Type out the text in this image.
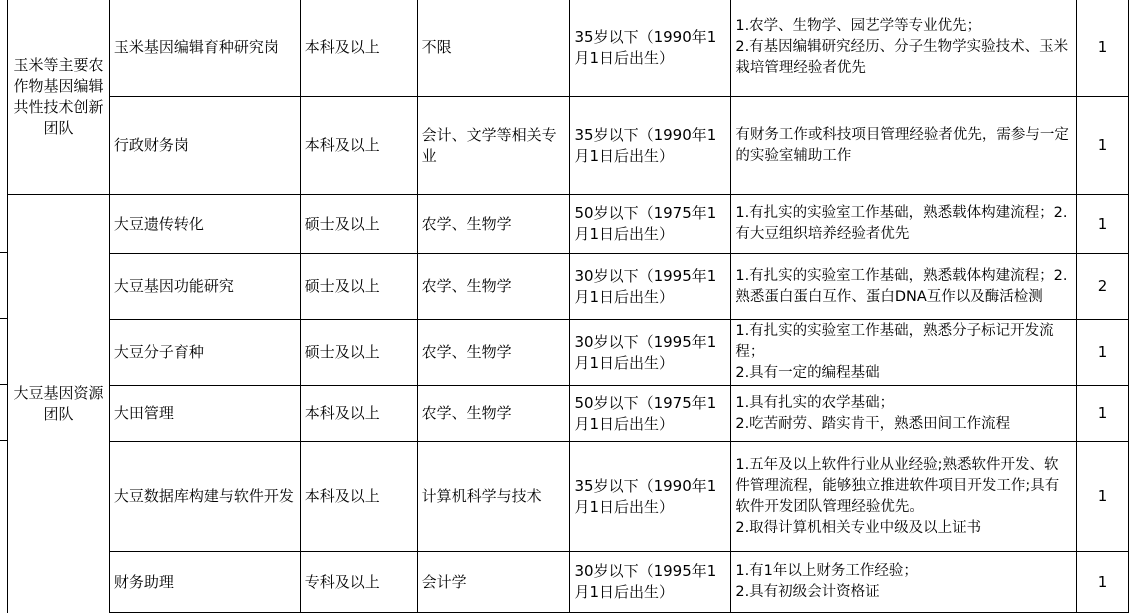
玉米等主要农作物基因编辑共性技术创新团队	玉米基因编辑育种研究岗	本科及以上	不限	35岁以下（1990年1月1日后出生）	1.农学、生物学、园艺学等专业优先；
2.有基因编辑研究经历、分子生物学实验技术、玉米栽培管理经验者优先	1
	行政财务岗	本科及以上	会计、文学等相关专业	35岁以下（1990年1月1日后出生）	有财务工作或科技项目管理经验者优先，需参与一定的实验室辅助工作	1
大豆基因资源团队	大豆遗传转化	硕士及以上	农学、生物学	50岁以下（1975年1月1日后出生）	1.有扎实的实验室工作基础，熟悉载体构建流程；2.有大豆组织培养经验者优先	1
	大豆基因功能研究	硕士及以上	农学、生物学	30岁以下（1995年1月1日后出生）	1.有扎实的实验室工作基础，熟悉载体构建流程；2.熟悉蛋白蛋白互作、蛋白DNA互作以及酶活检测	2
	大豆分子育种	硕士及以上	农学、生物学	30岁以下（1995年1月1日后出生）	1.有扎实的实验室工作基础，熟悉分子标记开发流程；
2.具有一定的编程基础	1
	大田管理	本科及以上	农学、生物学	50岁以下（1975年1月1日后出生）	1.具有扎实的农学基础；
2.吃苦耐劳、踏实肯干，熟悉田间工作流程	1
	大豆数据库构建与软件开发	本科及以上	计算机科学与技术	35岁以下（1990年1月1日后出生）	1.五年及以上软件行业从业经验;熟悉软件开发、软件管理流程，能够独立推进软件项目开发工作;具有软件开发团队管理经验优先。
2.取得计算机相关专业中级及以上证书	1
	财务助理	专科及以上	会计学	30岁以下（1995年1月1日后出生）	1.有1年以上财务工作经验；
2.具有初级会计资格证	1
